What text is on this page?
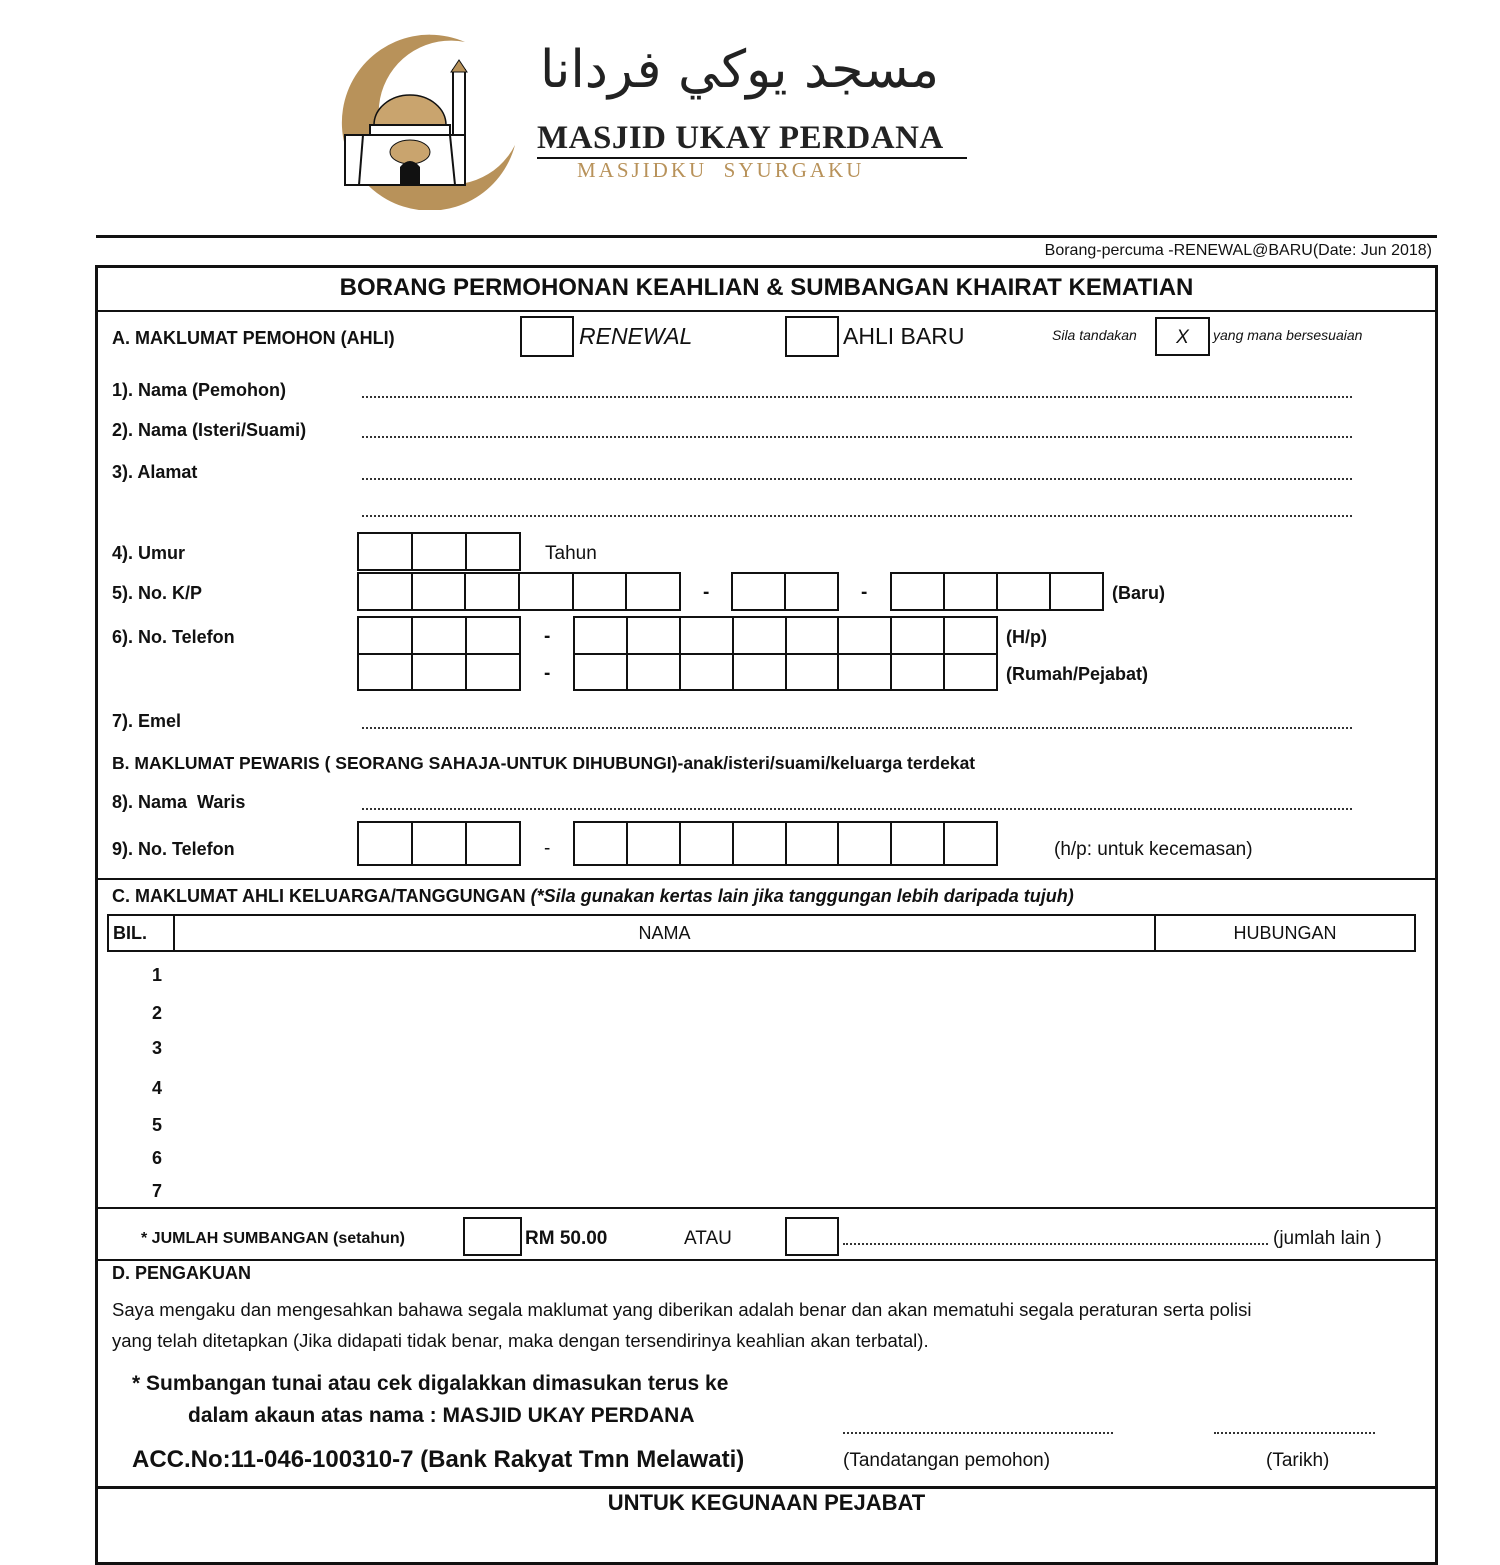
مسجد يوكي فردانا
MASJID UKAY PERDANA
MASJIDKU  SYURGAKU
Borang-percuma -RENEWAL@BARU(Date: Jun 2018)
BORANG PERMOHONAN KEAHLIAN & SUMBANGAN KHAIRAT KEMATIAN
A. MAKLUMAT PEMOHON (AHLI)	RENEWAL	AHLI BARU	Sila tandakan	X	yang mana bersesuaian
1). Nama (Pemohon)
2). Nama (Isteri/Suami)
3). Alamat
4). Umur	Tahun
5). No. K/P	-	-	(Baru)
6). No. Telefon	-	(H/p)
-	(Rumah/Pejabat)
7). Emel
B. MAKLUMAT PEWARIS ( SEORANG SAHAJA-UNTUK DIHUBUNGI)-anak/isteri/suami/keluarga terdekat
8). Nama  Waris
9). No. Telefon	-	(h/p: untuk kecemasan)
C. MAKLUMAT AHLI KELUARGA/TANGGUNGAN (*Sila gunakan kertas lain jika tanggungan lebih daripada tujuh)
BIL.	NAMA	HUBUNGAN
1
2
3
4
5
6
7
* JUMLAH SUMBANGAN (setahun)	RM 50.00	ATAU	(jumlah lain )
D. PENGAKUAN
Saya mengaku dan mengesahkan bahawa segala maklumat yang diberikan adalah benar dan akan mematuhi segala peraturan serta polisi
yang telah ditetapkan (Jika didapati tidak benar, maka dengan tersendirinya keahlian akan terbatal).
* Sumbangan tunai atau cek digalakkan dimasukan terus ke
dalam akaun atas nama : MASJID UKAY PERDANA
ACC.No:11-046-100310-7 (Bank Rakyat Tmn Melawati)	(Tandatangan pemohon)	(Tarikh)
UNTUK KEGUNAAN PEJABAT
